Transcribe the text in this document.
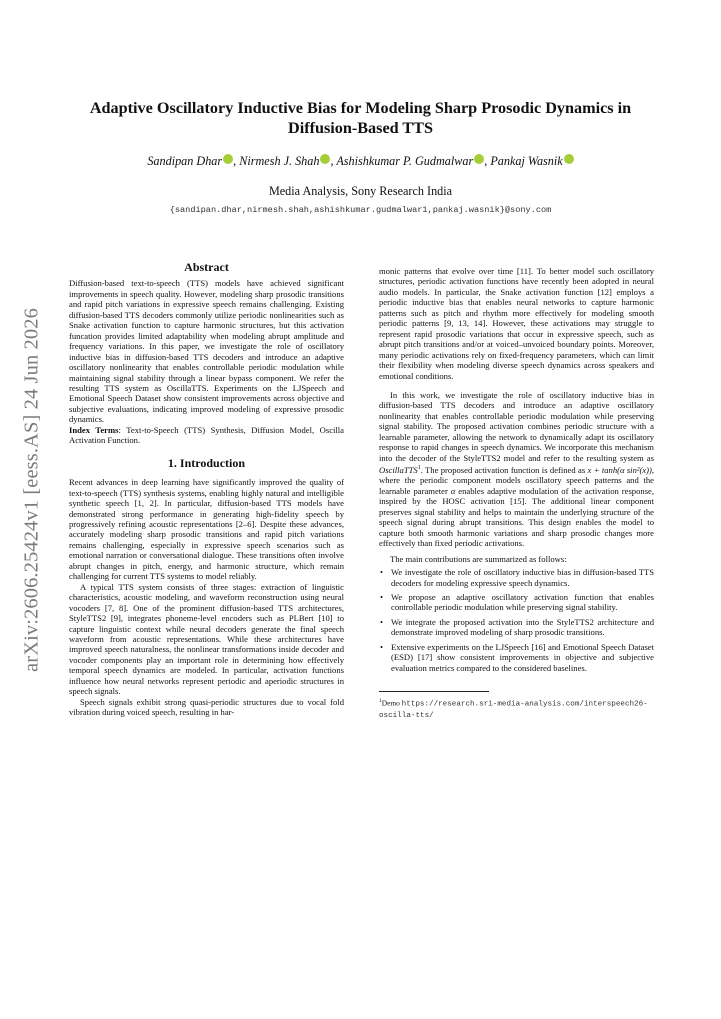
arXiv:2606.25424v1 [eess.AS] 24 Jun 2026
Adaptive Oscillatory Inductive Bias for Modeling Sharp Prosodic Dynamics in
Diffusion-Based TTS
Sandipan Dhar , Nirmesh J. Shah , Ashishkumar P. Gudmalwar , Pankaj Wasnik
Media Analysis, Sony Research India
{sandipan.dhar,nirmesh.shah,ashishkumar.gudmalwar1,pankaj.wasnik}@sony.com
Abstract

Diffusion-based text-to-speech (TTS) models have achieved significant improvements in speech quality. However, modeling sharp prosodic transitions and rapid pitch variations in expressive speech remains challenging. Existing diffusion-based TTS decoders commonly utilize periodic nonlinearities such as Snake activation function to capture harmonic structures, but this activation funcation provides limited adaptability when modeling abrupt amplitude and frequency variations. In this paper, we investigate the role of oscillatory inductive bias in diffusion-based TTS decoders and introduce an adaptive oscillatory nonlinearity that enables controllable periodic modulation while maintaining signal stability through a linear bypass component. We refer the resulting TTS system as OscillaTTS. Experiments on the LJSpeech and Emotional Speech Dataset show consistent improvements across objective and subjective evaluations, indicating improved modeling of expressive prosodic dynamics.

Index Terms: Text-to-Speech (TTS) Synthesis, Diffusion Model, Oscilla Activation Function.

1. Introduction

Recent advances in deep learning have significantly improved the quality of text-to-speech (TTS) synthesis systems, enabling highly natural and intelligible synthetic speech [1, 2]. In particular, diffusion-based TTS models have demonstrated strong performance in generating high-fidelity speech by progressively refining acoustic representations [2–6]. Despite these advances, accurately modeling sharp prosodic transitions and rapid pitch variations remains challenging, especially in expressive speech scenarios such as emotional narration or conversational dialogue. These transitions often involve abrupt changes in pitch, energy, and harmonic structure, which remain challenging for current TTS systems to model reliably.

A typical TTS system consists of three stages: extraction of linguistic characteristics, acoustic modeling, and waveform reconstruction using neural vocoders [7, 8]. One of the prominent diffusion-based TTS architectures, StyleTTS2 [9], integrates phoneme-level encoders such as PLBert [10] to capture linguistic context while neural decoders generate the final speech waveform from acoustic representations. While these architectures have improved speech naturalness, the nonlinear transformations inside decoder and vocoder components play an important role in determining how effectively temporal speech dynamics are modeled. In particular, activation functions influence how neural networks represent periodic and aperiodic structures in speech signals.

Speech signals exhibit strong quasi-periodic structures due to vocal fold vibration during voiced speech, resulting in har-

monic patterns that evolve over time [11]. To better model such oscillatory structures, periodic activation functions have recently been adopted in neural audio models. In particular, the Snake activation function [12] employs a periodic inductive bias that enables neural networks to capture harmonic patterns such as pitch and rhythm more effectively for modeling smooth periodic patterns [9, 13, 14]. However, these activations may struggle to represent rapid prosodic variations that occur in expressive speech, such as abrupt pitch transitions and/or at voiced–unvoiced boundary points. Moreover, many periodic activations rely on fixed-frequency parameters, which can limit their flexibility when modeling diverse speech dynamics across speakers and emotional conditions.

In this work, we investigate the role of oscillatory inductive bias in diffusion-based TTS decoders and introduce an adaptive oscillatory nonlinearity that enables controllable periodic modulation while preserving signal stability. The proposed activation combines periodic structure with a learnable parameter, allowing the network to dynamically adapt its oscillatory response to rapid changes in speech dynamics. We incorporate this mechanism into the decoder of the StyleTTS2 model and refer to the resulting system as OscillaTTS$^1$. The proposed activation function is defined as x + tanh(α sin²(x)), where the periodic component models oscillatory speech patterns and the learnable parameter α enables adaptive modulation of the activation response, inspired by the HOSC activation [15]. The additional linear component preserves signal stability and helps to maintain the underlying structure of the speech signal during abrupt transitions. This design enables the model to capture both smooth harmonic variations and sharp prosodic changes more effectively than fixed periodic activations.

The main contributions are summarized as follows:

• We investigate the role of oscillatory inductive bias in diffusion-based TTS decoders for modeling expressive speech dynamics.
• We propose an adaptive oscillatory activation function that enables controllable periodic modulation while preserving signal stability.
• We integrate the proposed activation into the StyleTTS2 architecture and demonstrate improved modeling of sharp prosodic transitions.
• Extensive experiments on the LJSpeech [16] and Emotional Speech Dataset (ESD) [17] show consistent improvements in objective and subjective evaluation metrics compared to the considered baselines.
$^1$Demo https://research.sri-media-analysis.com/interspeech26-oscilla-tts/
